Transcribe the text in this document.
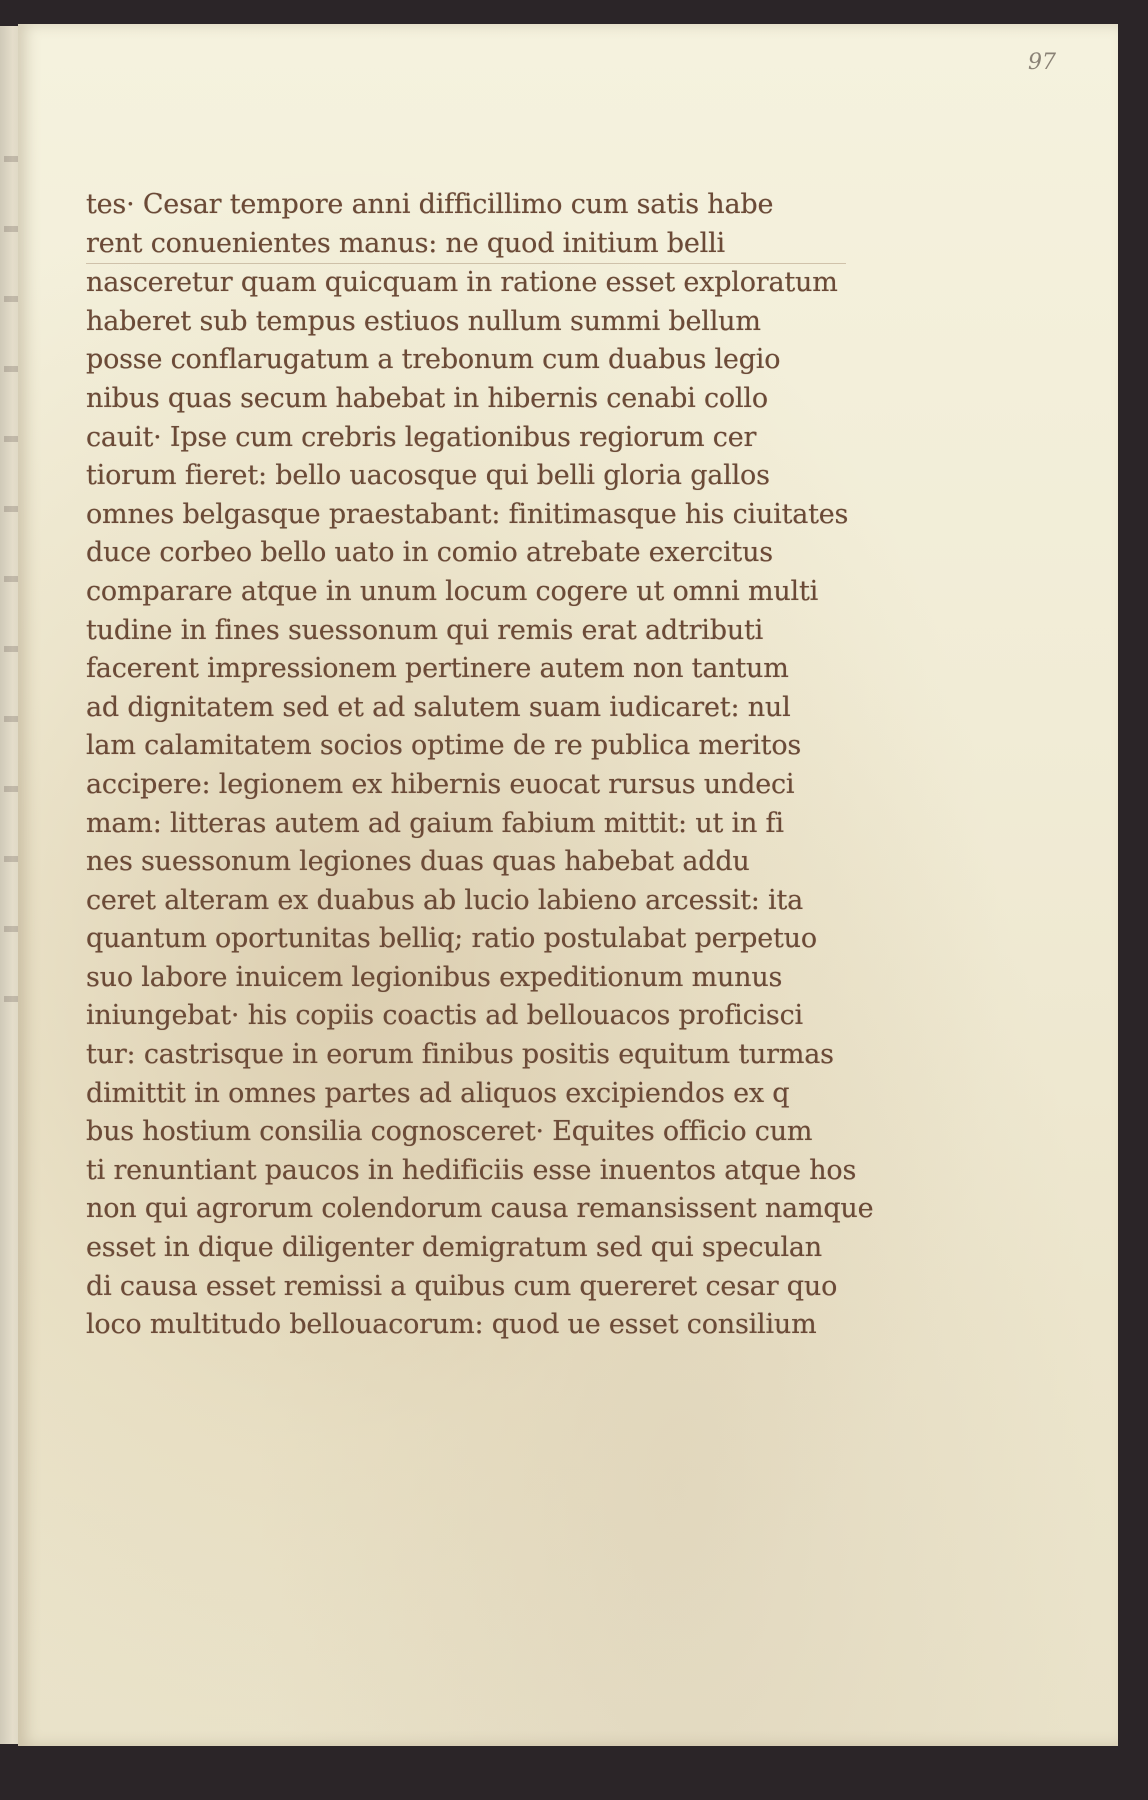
97
tes· Cesar tempore anni difficillimo cum satis habe
rent conuenientes manus: ne quod initium belli
nasceretur quam quicquam in ratione esset exploratum
haberet sub tempus estiuos nullum summi bellum
posse conflarugatum a trebonum cum duabus legio
nibus quas secum habebat in hibernis cenabi collo
cauit· Ipse cum crebris legationibus regiorum cer
tiorum fieret: bello uacosque qui belli gloria gallos
omnes belgasque praestabant: finitimasque his ciuitates
duce corbeo bello uato in comio atrebate exercitus
comparare atque in unum locum cogere ut omni multi
tudine in fines suessonum qui remis erat adtributi
facerent impressionem pertinere autem non tantum
ad dignitatem sed et ad salutem suam iudicaret: nul
lam calamitatem socios optime de re publica meritos
accipere: legionem ex hibernis euocat rursus undeci
mam: litteras autem ad gaium fabium mittit: ut in fi
nes suessonum legiones duas quas habebat addu
ceret alteram ex duabus ab lucio labieno arcessit: ita
quantum oportunitas belliq; ratio postulabat perpetuo
suo labore inuicem legionibus expeditionum munus
iniungebat· his copiis coactis ad bellouacos proficisci
tur: castrisque in eorum finibus positis equitum turmas
dimittit in omnes partes ad aliquos excipiendos ex q
bus hostium consilia cognosceret· Equites officio cum
ti renuntiant paucos in hedificiis esse inuentos atque hos
non qui agrorum colendorum causa remansissent namque
esset in dique diligenter demigratum sed qui speculan
di causa esset remissi a quibus cum quereret cesar quo
loco multitudo bellouacorum: quod ue esset consilium
